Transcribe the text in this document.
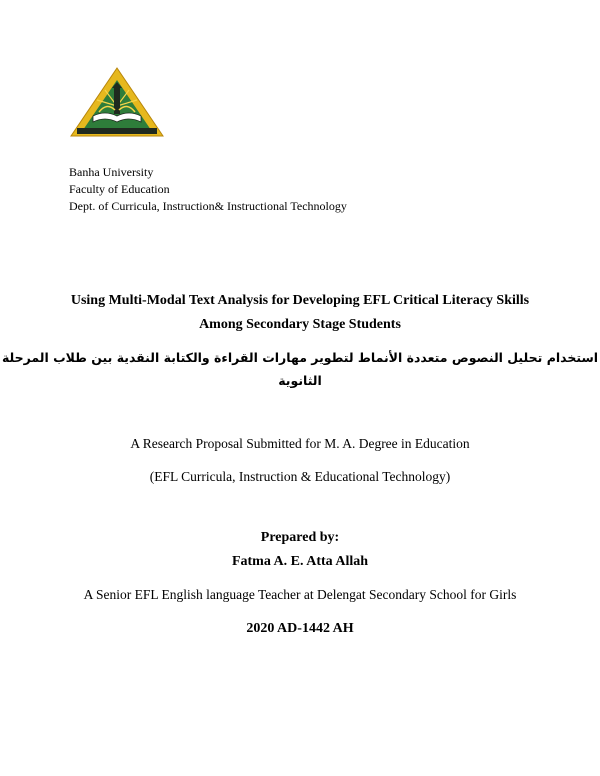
Banha University
Faculty of Education
Dept. of Curricula, Instruction& Instructional Technology
Using Multi-Modal Text Analysis for Developing EFL Critical Literacy Skills
Among Secondary Stage Students
استخدام تحليل النصوص متعددة الأنماط لتطوير مهارات القراءة والكتابة النقدية بين طلاب المرحلة
الثانوية
A Research Proposal Submitted for M. A. Degree in Education
(EFL Curricula, Instruction & Educational Technology)
Prepared by:
Fatma A. E. Atta Allah
A Senior EFL English language Teacher at Delengat Secondary School for Girls
2020 AD-1442 AH
